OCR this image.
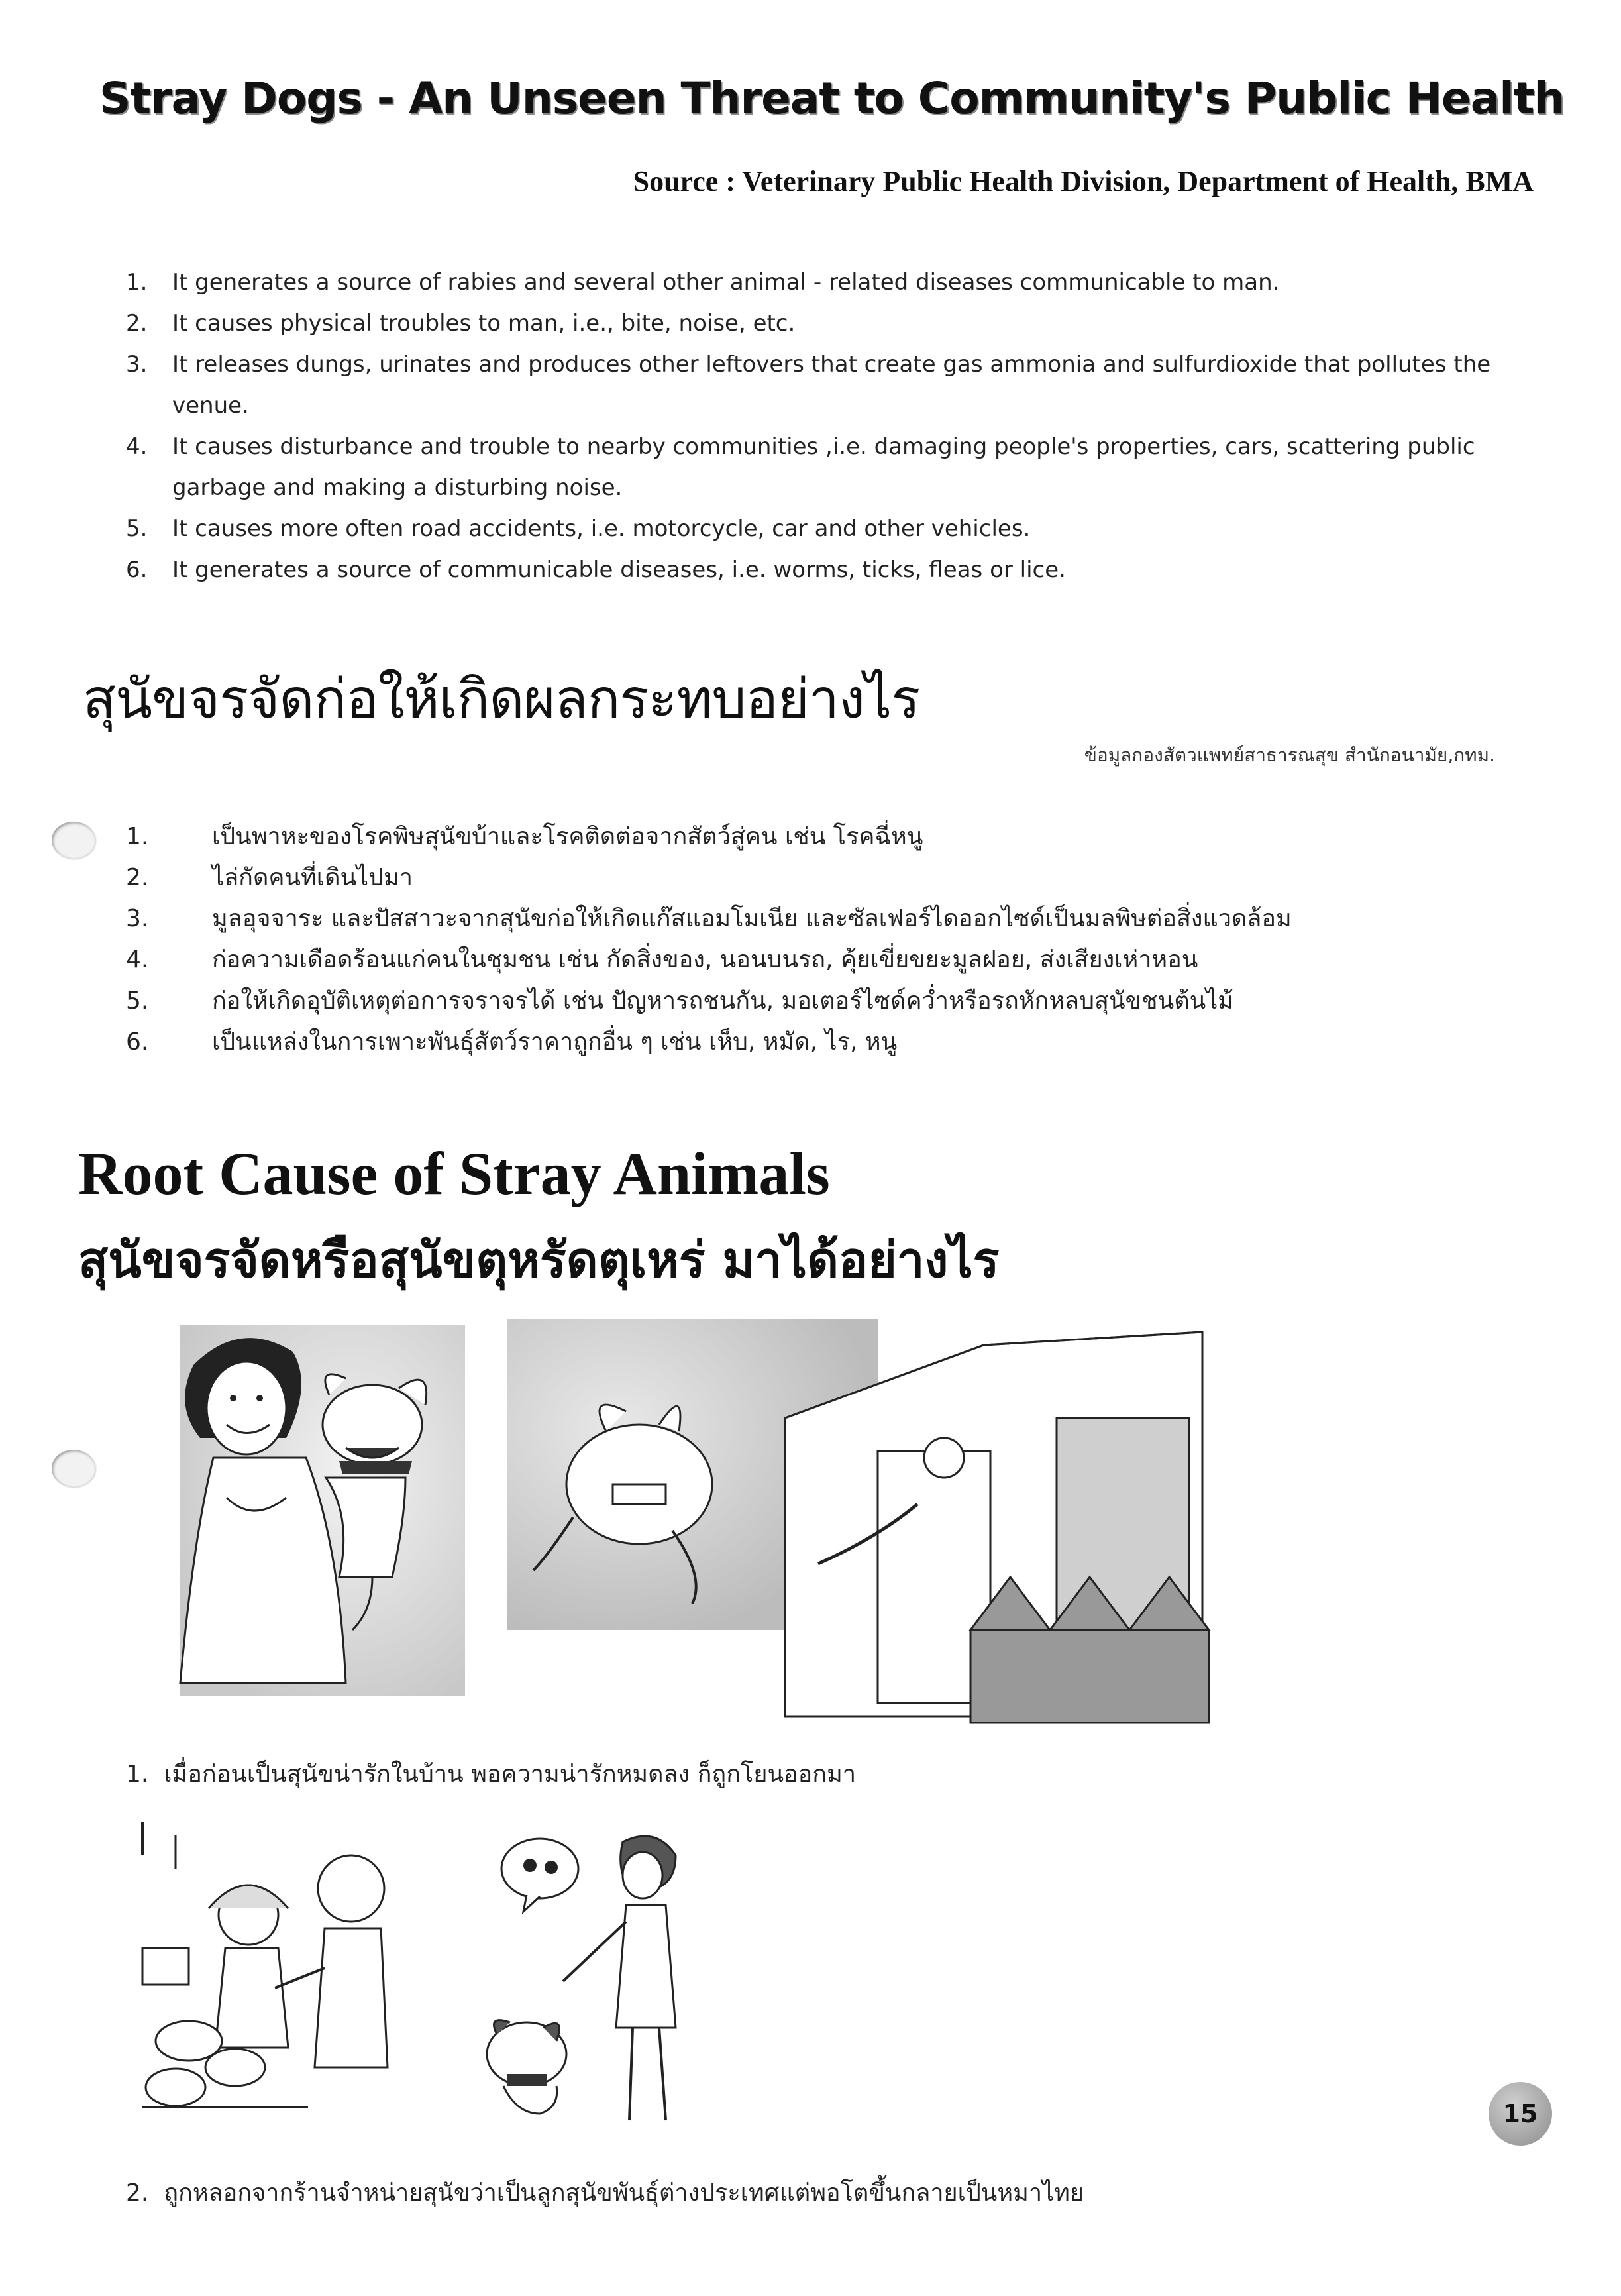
Stray Dogs - An Unseen Threat to Community's Public Health
Source : Veterinary Public Health Division, Department of Health, BMA
1. It generates a source of rabies and several other animal - related diseases communicable to man.
2. It causes physical troubles to man, i.e., bite, noise, etc.
3. It releases dungs, urinates and produces other leftovers that create gas ammonia and sulfurdioxide that pollutes the venue.
4. It causes disturbance and trouble to nearby communities ,i.e. damaging people's properties, cars, scattering public garbage and making a disturbing noise.
5. It causes more often road accidents, i.e. motorcycle, car and other vehicles.
6. It generates a source of communicable diseases, i.e. worms, ticks, fleas or lice.
สุนัขจรจัดก่อให้เกิดผลกระทบอย่างไร
ข้อมูลกองสัตวแพทย์สาธารณสุข สำนักอนามัย,กทม.
1.	เป็นพาหะของโรคพิษสุนัขบ้าและโรคติดต่อจากสัตว์สู่คน เช่น โรคฉี่หนู
2.	ไล่กัดคนที่เดินไปมา
3.	มูลอุจจาระ และปัสสาวะจากสุนัขก่อให้เกิดแก๊สแอมโมเนีย และซัลเฟอร์ไดออกไซด์เป็นมลพิษต่อสิ่งแวดล้อม
4.	ก่อความเดือดร้อนแก่คนในชุมชน เช่น กัดสิ่งของ, นอนบนรถ, คุ้ยเขี่ยขยะมูลฝอย, ส่งเสียงเห่าหอน
5.	ก่อให้เกิดอุบัติเหตุต่อการจราจรได้ เช่น ปัญหารถชนกัน, มอเตอร์ไซด์คว่ำหรือรถหักหลบสุนัขชนต้นไม้
6.	เป็นแหล่งในการเพาะพันธุ์สัตว์ราคาถูกอื่น ๆ เช่น เห็บ, หมัด, ไร, หนู
Root Cause of Stray Animals
สุนัขจรจัดหรือสุนัขตุหรัดตุเหร่ มาได้อย่างไร
1. เมื่อก่อนเป็นสุนัขน่ารักในบ้าน พอความน่ารักหมดลง ก็ถูกโยนออกมา
2. ถูกหลอกจากร้านจำหน่ายสุนัขว่าเป็นลูกสุนัขพันธุ์ต่างประเทศแต่พอโตขึ้นกลายเป็นหมาไทย
15
